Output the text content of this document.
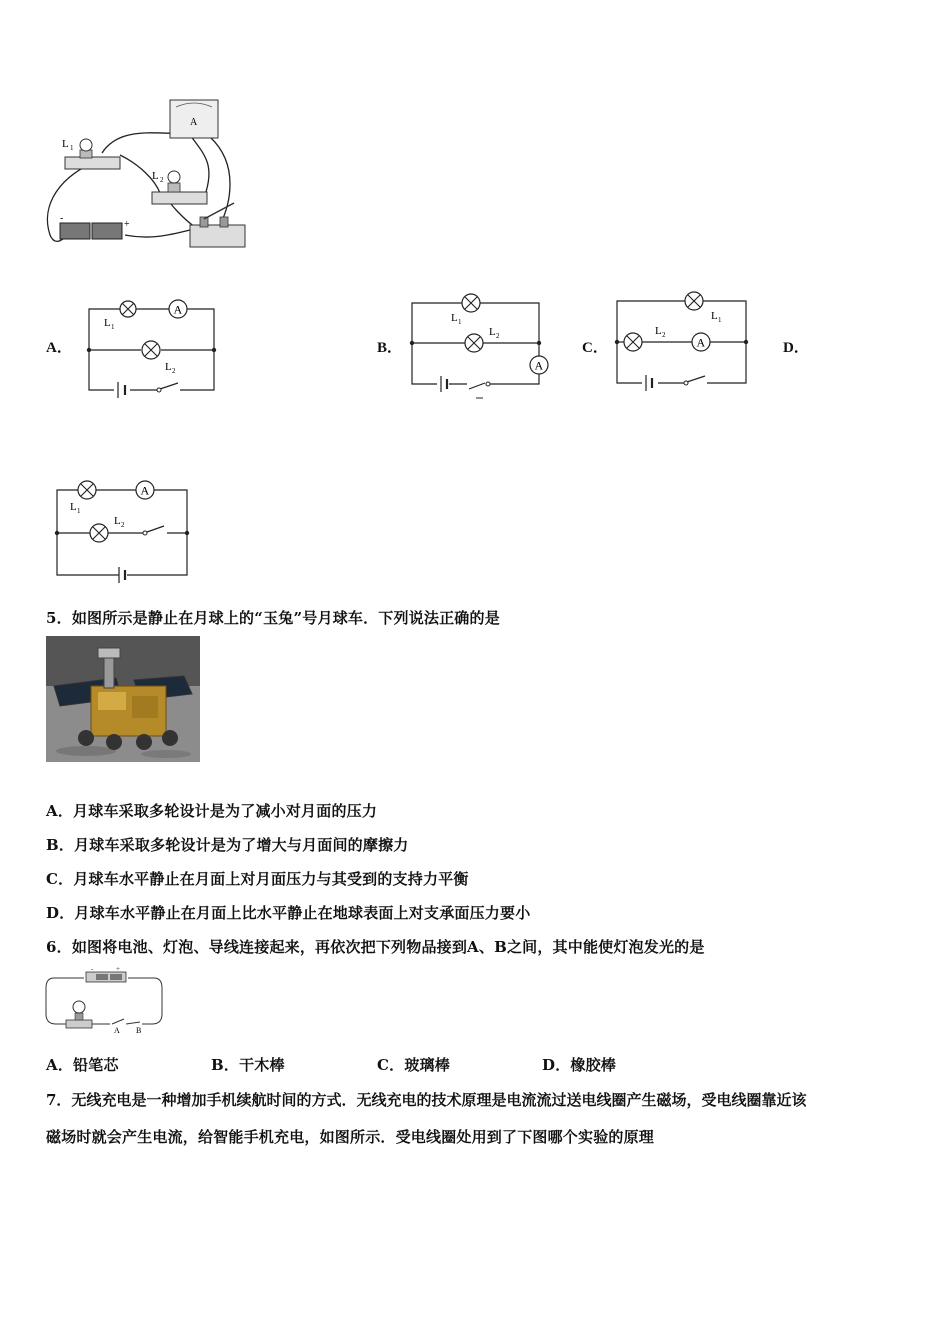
L 1
A
L 2
-
+
A．
A
L 1
L 2
B．
A
L 1
L 2
C．	A
L 1
L 2
D．
A
L 1
L 2
5．如图所示是静止在月球上的“玉兔”号月球车．下列说法正确的是
A．月球车采取多轮设计是为了减小对月面的压力
B．月球车采取多轮设计是为了增大与月面间的摩擦力
C．月球车水平静止在月面上对月面压力与其受到的支持力平衡
D．月球车水平静止在月面上比水平静止在地球表面上对支承面压力要小
6．如图将电池、灯泡、导线连接起来，再依次把下列物品接到A、B之间，其中能使灯泡发光的是
-	+
A B
A．铅笔芯	B．干木棒	C．玻璃棒	D．橡胶棒
7．无线充电是一种增加手机续航时间的方式．无线充电的技术原理是电流流过送电线圈产生磁场，受电线圈靠近该
磁场时就会产生电流，给智能手机充电，如图所示．受电线圈处用到了下图哪个实验的原理
